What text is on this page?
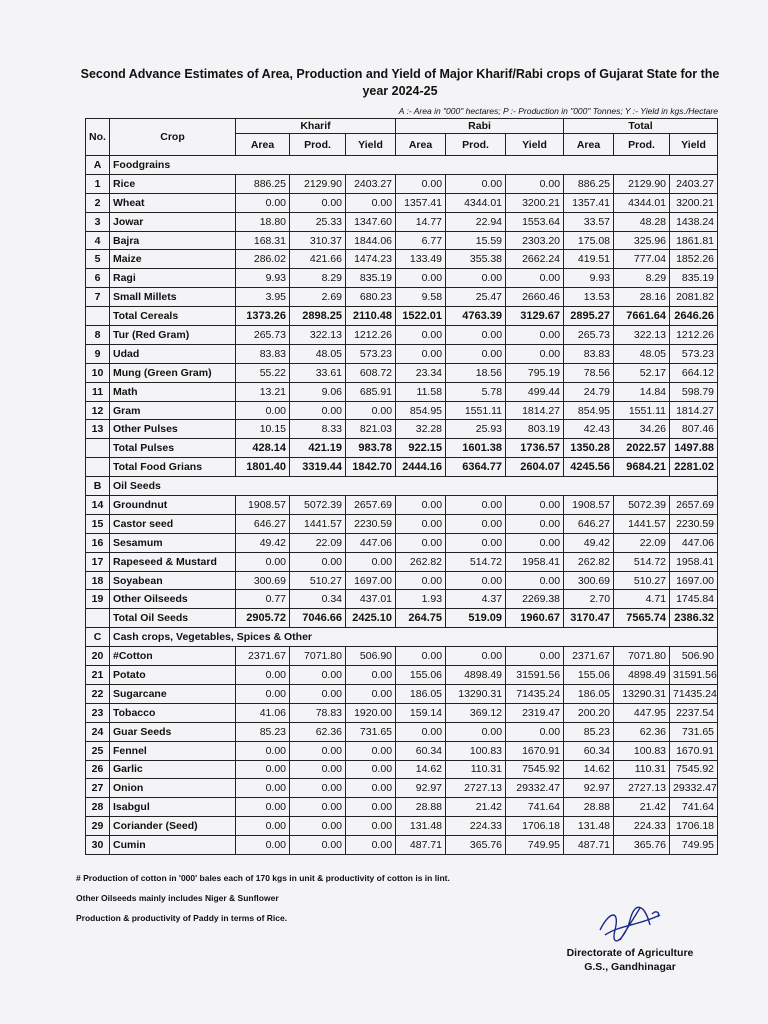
Second Advance Estimates of Area, Production and Yield of Major Kharif/Rabi crops of Gujarat State for the year 2024-25
A :- Area in "000" hectares; P :- Production in "000" Tonnes; Y :- Yield in kgs./Hectare
No.	Crop	Kharif			Rabi			Total		
		Area	Prod.	Yield	Area	Prod.	Yield	Area	Prod.	Yield
A	Foodgrains									
1	Rice	886.25	2129.90	2403.27	0.00	0.00	0.00	886.25	2129.90	2403.27
2	Wheat	0.00	0.00	0.00	1357.41	4344.01	3200.21	1357.41	4344.01	3200.21
3	Jowar	18.80	25.33	1347.60	14.77	22.94	1553.64	33.57	48.28	1438.24
4	Bajra	168.31	310.37	1844.06	6.77	15.59	2303.20	175.08	325.96	1861.81
5	Maize	286.02	421.66	1474.23	133.49	355.38	2662.24	419.51	777.04	1852.26
6	Ragi	9.93	8.29	835.19	0.00	0.00	0.00	9.93	8.29	835.19
7	Small Millets	3.95	2.69	680.23	9.58	25.47	2660.46	13.53	28.16	2081.82
	Total Cereals	1373.26	2898.25	2110.48	1522.01	4763.39	3129.67	2895.27	7661.64	2646.26
8	Tur (Red Gram)	265.73	322.13	1212.26	0.00	0.00	0.00	265.73	322.13	1212.26
9	Udad	83.83	48.05	573.23	0.00	0.00	0.00	83.83	48.05	573.23
10	Mung (Green Gram)	55.22	33.61	608.72	23.34	18.56	795.19	78.56	52.17	664.12
11	Math	13.21	9.06	685.91	11.58	5.78	499.44	24.79	14.84	598.79
12	Gram	0.00	0.00	0.00	854.95	1551.11	1814.27	854.95	1551.11	1814.27
13	Other Pulses	10.15	8.33	821.03	32.28	25.93	803.19	42.43	34.26	807.46
	Total Pulses	428.14	421.19	983.78	922.15	1601.38	1736.57	1350.28	2022.57	1497.88
	Total Food Grians	1801.40	3319.44	1842.70	2444.16	6364.77	2604.07	4245.56	9684.21	2281.02
B	Oil Seeds									
14	Groundnut	1908.57	5072.39	2657.69	0.00	0.00	0.00	1908.57	5072.39	2657.69
15	Castor seed	646.27	1441.57	2230.59	0.00	0.00	0.00	646.27	1441.57	2230.59
16	Sesamum	49.42	22.09	447.06	0.00	0.00	0.00	49.42	22.09	447.06
17	Rapeseed & Mustard	0.00	0.00	0.00	262.82	514.72	1958.41	262.82	514.72	1958.41
18	Soyabean	300.69	510.27	1697.00	0.00	0.00	0.00	300.69	510.27	1697.00
19	Other Oilseeds	0.77	0.34	437.01	1.93	4.37	2269.38	2.70	4.71	1745.84
	Total Oil Seeds	2905.72	7046.66	2425.10	264.75	519.09	1960.67	3170.47	7565.74	2386.32
C	Cash crops, Vegetables, Spices & Other									
20	#Cotton	2371.67	7071.80	506.90	0.00	0.00	0.00	2371.67	7071.80	506.90
21	Potato	0.00	0.00	0.00	155.06	4898.49	31591.56	155.06	4898.49	31591.56
22	Sugarcane	0.00	0.00	0.00	186.05	13290.31	71435.24	186.05	13290.31	71435.24
23	Tobacco	41.06	78.83	1920.00	159.14	369.12	2319.47	200.20	447.95	2237.54
24	Guar Seeds	85.23	62.36	731.65	0.00	0.00	0.00	85.23	62.36	731.65
25	Fennel	0.00	0.00	0.00	60.34	100.83	1670.91	60.34	100.83	1670.91
26	Garlic	0.00	0.00	0.00	14.62	110.31	7545.92	14.62	110.31	7545.92
27	Onion	0.00	0.00	0.00	92.97	2727.13	29332.47	92.97	2727.13	29332.47
28	Isabgul	0.00	0.00	0.00	28.88	21.42	741.64	28.88	21.42	741.64
29	Coriander (Seed)	0.00	0.00	0.00	131.48	224.33	1706.18	131.48	224.33	1706.18
30	Cumin	0.00	0.00	0.00	487.71	365.76	749.95	487.71	365.76	749.95
# Production of cotton in '000' bales each of 170 kgs in unit & productivity of cotton is in lint.
Other Oilseeds mainly includes Niger & Sunflower
Production & productivity of Paddy in terms of Rice.
Directorate of Agriculture
G.S., Gandhinagar
